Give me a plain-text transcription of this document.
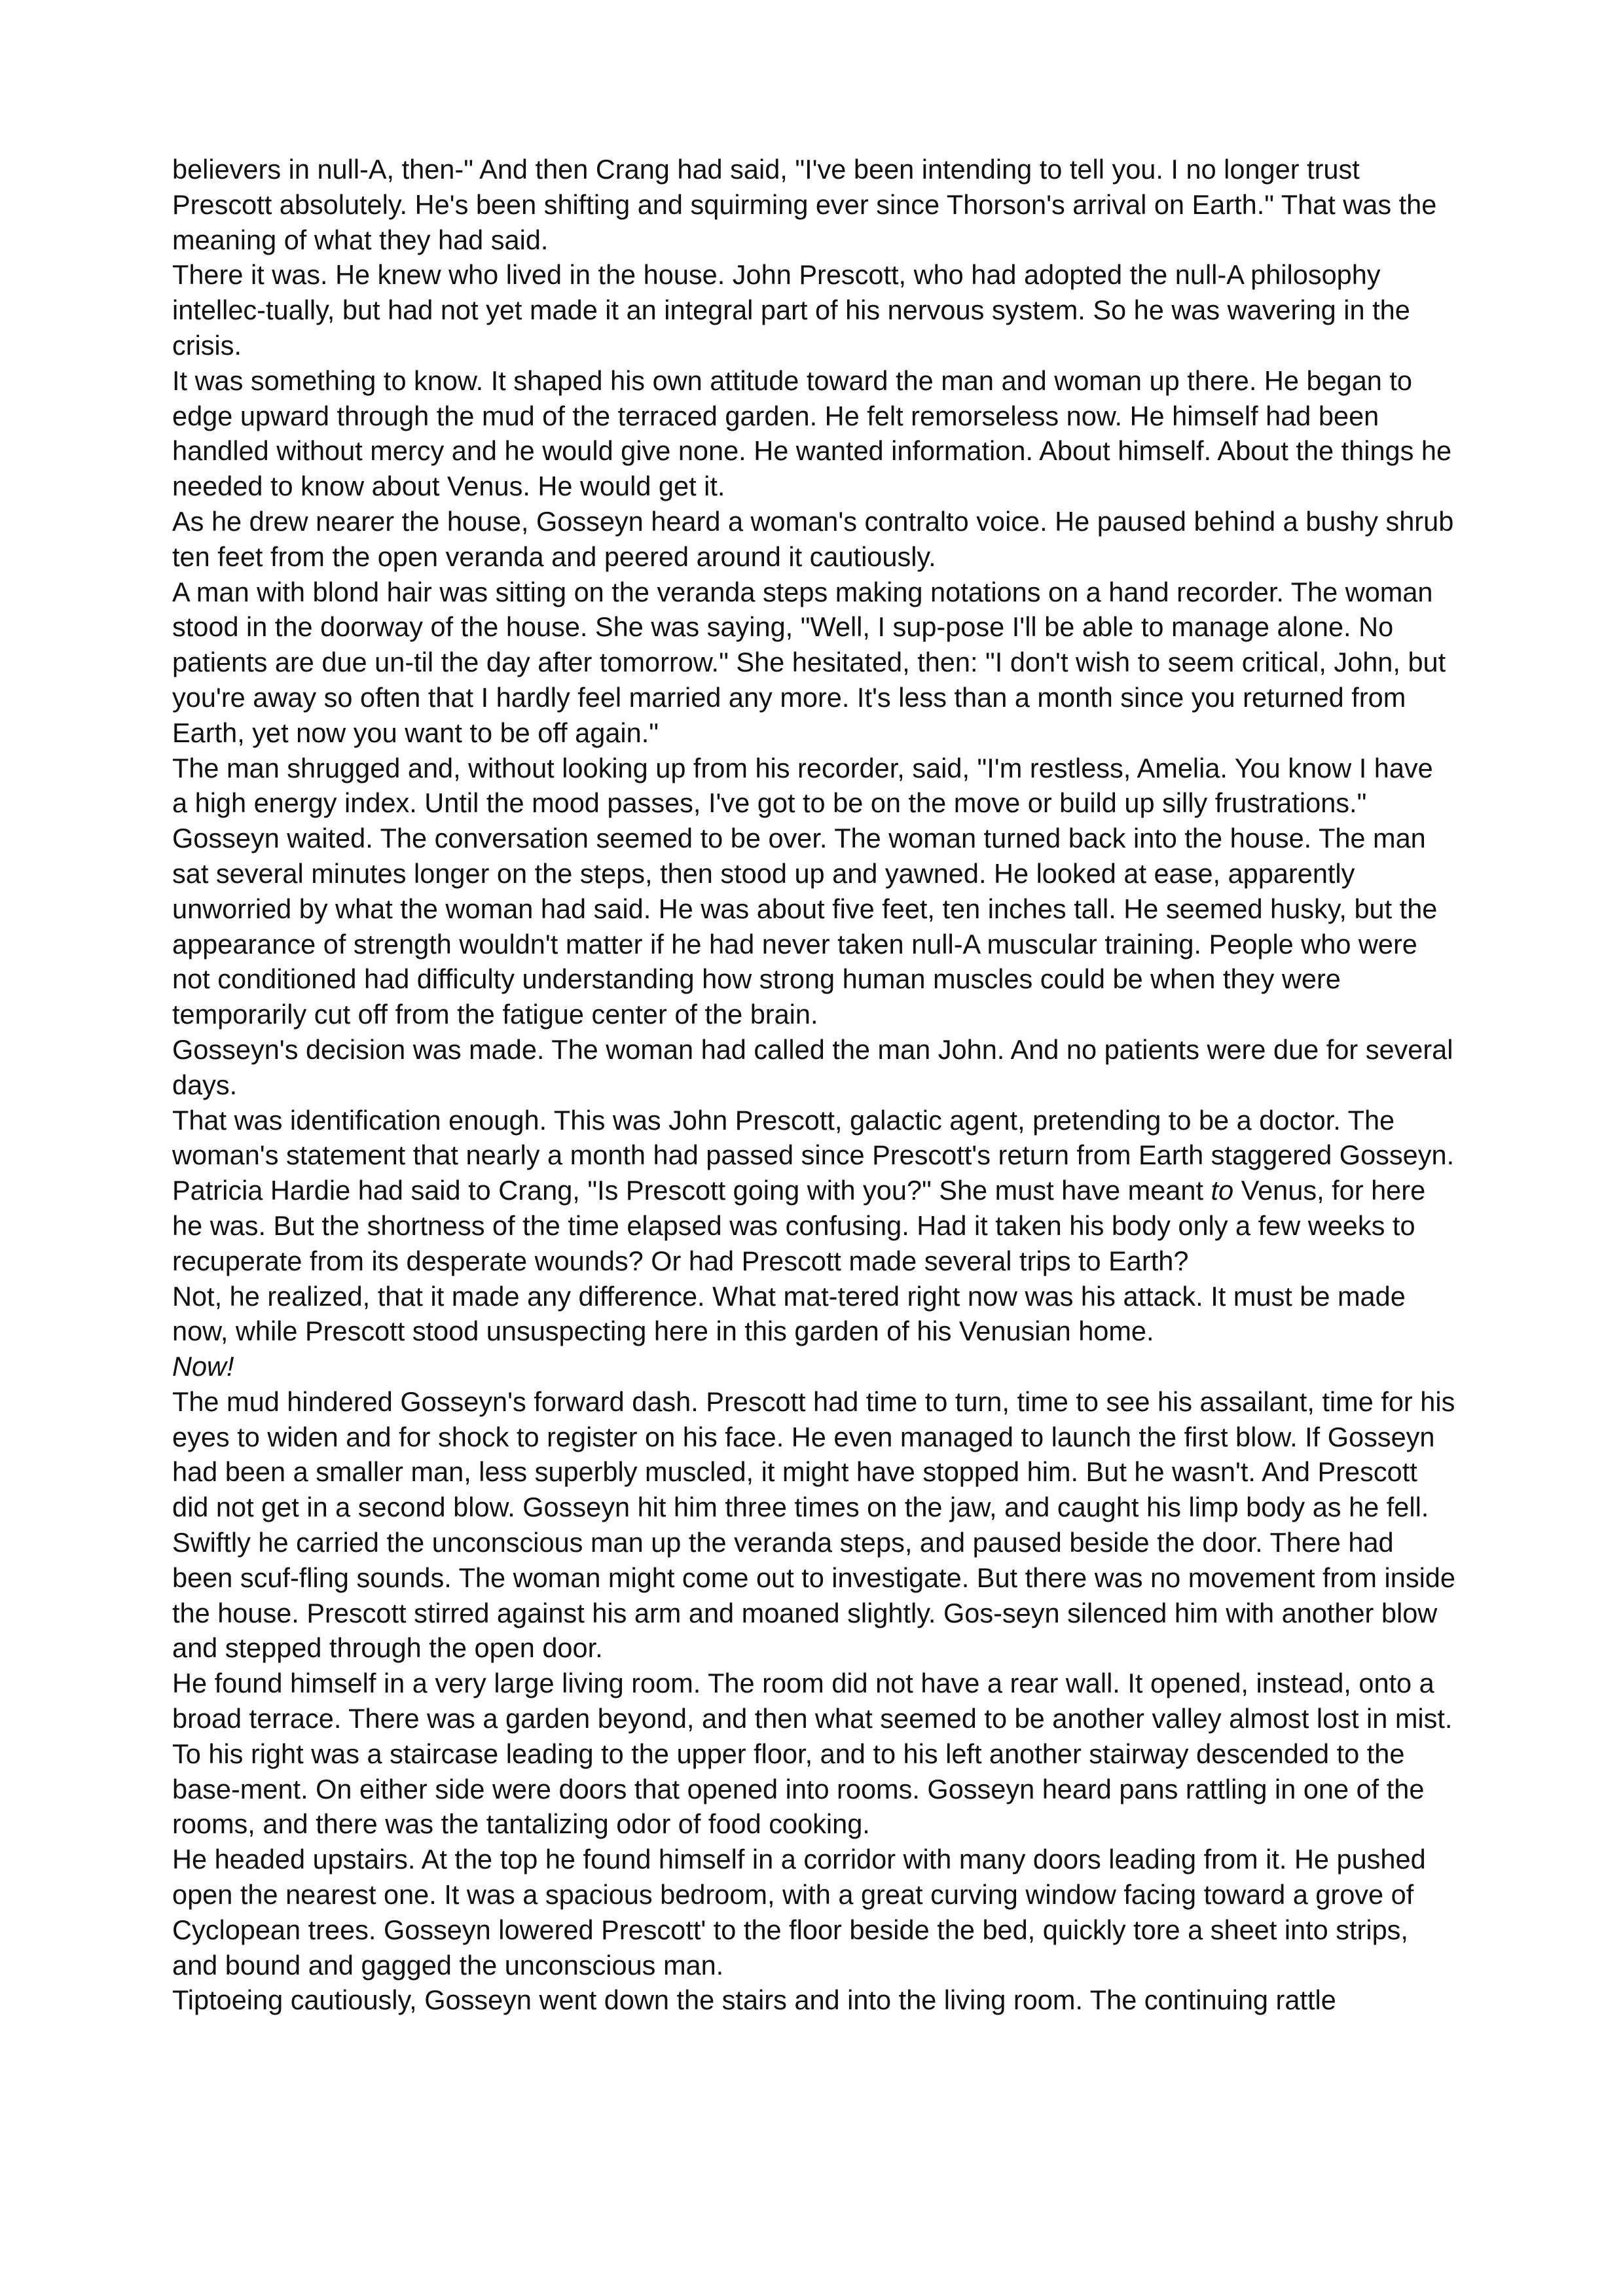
believers in null-A, then-" And then Crang had said, "I've been intending to tell you. I no longer trust Prescott absolutely. He's been shifting and squirming ever since Thorson's arrival on Earth." That was the meaning of what they had said.

There it was. He knew who lived in the house. John Prescott, who had adopted the null-A philosophy intellec-tually, but had not yet made it an integral part of his nervous system. So he was wavering in the crisis.

It was something to know. It shaped his own attitude toward the man and woman up there. He began to edge upward through the mud of the terraced garden. He felt remorseless now. He himself had been handled without mercy and he would give none. He wanted information. About himself. About the things he needed to know about Venus. He would get it.

As he drew nearer the house, Gosseyn heard a woman's contralto voice. He paused behind a bushy shrub ten feet from the open veranda and peered around it cautiously.

A man with blond hair was sitting on the veranda steps making notations on a hand recorder. The woman stood in the doorway of the house. She was saying, "Well, I sup-pose I'll be able to manage alone. No patients are due un-til the day after tomorrow." She hesitated, then: "I don't wish to seem critical, John, but you're away so often that I hardly feel married any more. It's less than a month since you returned from Earth, yet now you want to be off again."

The man shrugged and, without looking up from his recorder, said, "I'm restless, Amelia. You know I have a high energy index. Until the mood passes, I've got to be on the move or build up silly frustrations."

Gosseyn waited. The conversation seemed to be over. The woman turned back into the house. The man sat several minutes longer on the steps, then stood up and yawned. He looked at ease, apparently unworried by what the woman had said. He was about five feet, ten inches tall. He seemed husky, but the appearance of strength wouldn't matter if he had never taken null-A muscular training. People who were not conditioned had difficulty understanding how strong human muscles could be when they were temporarily cut off from the fatigue center of the brain.

Gosseyn's decision was made. The woman had called the man John. And no patients were due for several days.

That was identification enough. This was John Prescott, galactic agent, pretending to be a doctor. The woman's statement that nearly a month had passed since Prescott's return from Earth staggered Gosseyn. Patricia Hardie had said to Crang, "Is Prescott going with you?" She must have meant to Venus, for here he was. But the shortness of the time elapsed was confusing. Had it taken his body only a few weeks to recuperate from its desperate wounds? Or had Prescott made several trips to Earth?

Not, he realized, that it made any difference. What mat-tered right now was his attack. It must be made now, while Prescott stood unsuspecting here in this garden of his Venusian home.

Now!

The mud hindered Gosseyn's forward dash. Prescott had time to turn, time to see his assailant, time for his eyes to widen and for shock to register on his face. He even managed to launch the first blow. If Gosseyn had been a smaller man, less superbly muscled, it might have stopped him. But he wasn't. And Prescott did not get in a second blow. Gosseyn hit him three times on the jaw, and caught his limp body as he fell.

Swiftly he carried the unconscious man up the veranda steps, and paused beside the door. There had been scuf-fling sounds. The woman might come out to investigate. But there was no movement from inside the house. Prescott stirred against his arm and moaned slightly. Gos-seyn silenced him with another blow and stepped through the open door.

He found himself in a very large living room. The room did not have a rear wall. It opened, instead, onto a broad terrace. There was a garden beyond, and then what seemed to be another valley almost lost in mist.

To his right was a staircase leading to the upper floor, and to his left another stairway descended to the base-ment. On either side were doors that opened into rooms. Gosseyn heard pans rattling in one of the rooms, and there was the tantalizing odor of food cooking.

He headed upstairs. At the top he found himself in a corridor with many doors leading from it. He pushed open the nearest one. It was a spacious bedroom, with a great curving window facing toward a grove of Cyclopean trees. Gosseyn lowered Prescott' to the floor beside the bed, quickly tore a sheet into strips, and bound and gagged the unconscious man.

Tiptoeing cautiously, Gosseyn went down the stairs and into the living room. The continuing rattle
